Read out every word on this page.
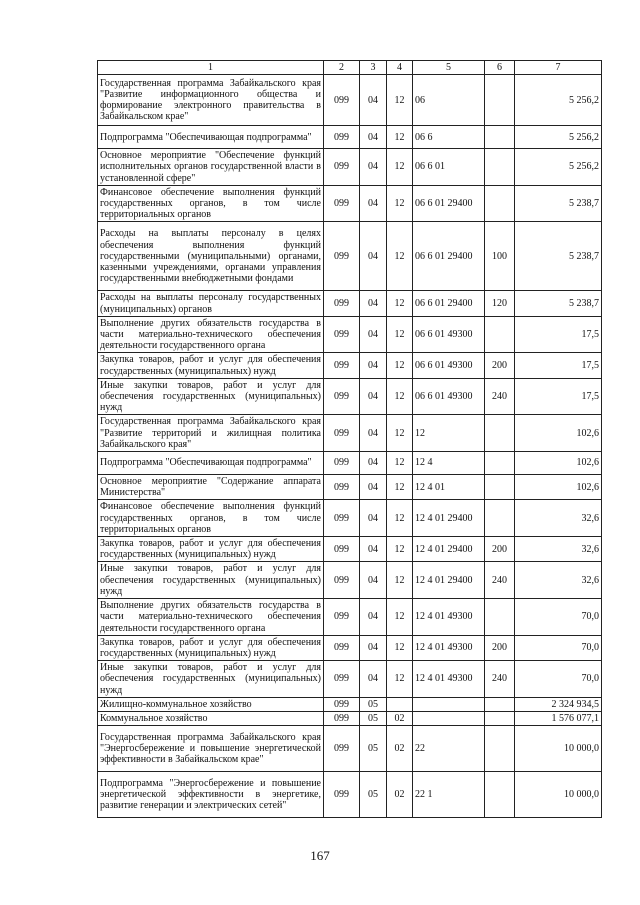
1	2	3	4	5	6	7
Государственная программа Забайкальского края "Развитие информационного общества и формирование электронного правительства в Забайкальском крае"	099	04	12	06		5 256,2
Подпрограмма "Обеспечивающая подпрограмма"	099	04	12	06 6		5 256,2
Основное мероприятие "Обеспечение функций исполнительных органов государственной власти в установленной сфере"	099	04	12	06 6 01		5 256,2
Финансовое обеспечение выполнения функций государственных органов, в том числе территориальных органов	099	04	12	06 6 01 29400		5 238,7
Расходы на выплаты персоналу в целях обеспечения выполнения функций государственными (муниципальными) органами, казенными учреждениями, органами управления государственными внебюджетными фондами	099	04	12	06 6 01 29400	100	5 238,7
Расходы на выплаты персоналу государственных (муниципальных) органов	099	04	12	06 6 01 29400	120	5 238,7
Выполнение других обязательств государства в части материально-технического обеспечения деятельности государственного органа	099	04	12	06 6 01 49300		17,5
Закупка товаров, работ и услуг для обеспечения государственных (муниципальных) нужд	099	04	12	06 6 01 49300	200	17,5
Иные закупки товаров, работ и услуг для обеспечения государственных (муниципальных) нужд	099	04	12	06 6 01 49300	240	17,5
Государственная программа Забайкальского края "Развитие территорий и жилищная политика Забайкальского края"	099	04	12	12		102,6
Подпрограмма "Обеспечивающая подпрограмма"	099	04	12	12 4		102,6
Основное мероприятие "Содержание аппарата Министерства"	099	04	12	12 4 01		102,6
Финансовое обеспечение выполнения функций государственных органов, в том числе территориальных органов	099	04	12	12 4 01 29400		32,6
Закупка товаров, работ и услуг для обеспечения государственных (муниципальных) нужд	099	04	12	12 4 01 29400	200	32,6
Иные закупки товаров, работ и услуг для обеспечения государственных (муниципальных) нужд	099	04	12	12 4 01 29400	240	32,6
Выполнение других обязательств государства в части материально-технического обеспечения деятельности государственного органа	099	04	12	12 4 01 49300		70,0
Закупка товаров, работ и услуг для обеспечения государственных (муниципальных) нужд	099	04	12	12 4 01 49300	200	70,0
Иные закупки товаров, работ и услуг для обеспечения государственных (муниципальных) нужд	099	04	12	12 4 01 49300	240	70,0
Жилищно-коммунальное хозяйство	099	05				2 324 934,5
Коммунальное хозяйство	099	05	02			1 576 077,1
Государственная программа Забайкальского края "Энергосбережение и повышение энергетической эффективности в Забайкальском крае"	099	05	02	22		10 000,0
Подпрограмма "Энергосбережение и повышение энергетической эффективности в энергетике, развитие генерации и электрических сетей"	099	05	02	22 1		10 000,0
167
